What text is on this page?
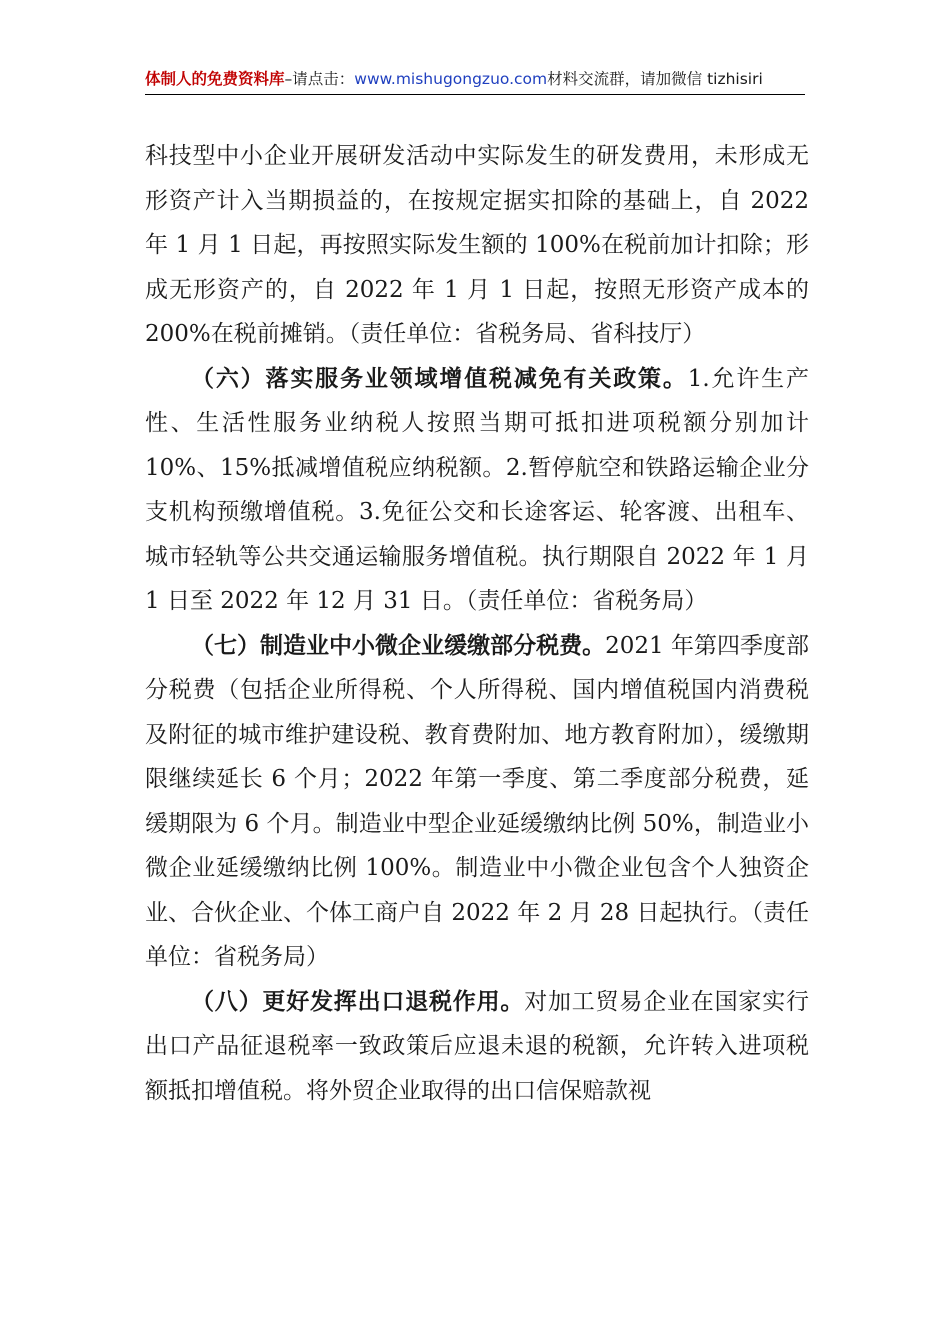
体制人的免费资料库–请点击：www.mishugongzuo.com材料交流群，请加微信 tizhisiri

科技型中小企业开展研发活动中实际发生的研发费用，未形成无形资产计入当期损益的，在按规定据实扣除的基础上，自 2022 年 1 月 1 日起，再按照实际发生额的 100%在税前加计扣除；形成无形资产的，自 2022 年 1 月 1 日起，按照无形资产成本的 200%在税前摊销。（责任单位：省税务局、省科技厅）

（六）落实服务业领域增值税减免有关政策。1.允许生产性、生活性服务业纳税人按照当期可抵扣进项税额分别加计 10%、15%抵减增值税应纳税额。2.暂停航空和铁路运输企业分支机构预缴增值税。3.免征公交和长途客运、轮客渡、出租车、城市轻轨等公共交通运输服务增值税。执行期限自 2022 年 1 月 1 日至 2022 年 12 月 31 日。（责任单位：省税务局）

（七）制造业中小微企业缓缴部分税费。2021 年第四季度部分税费（包括企业所得税、个人所得税、国内增值税国内消费税及附征的城市维护建设税、教育费附加、地方教育附加），缓缴期限继续延长 6 个月；2022 年第一季度、第二季度部分税费，延缓期限为 6 个月。制造业中型企业延缓缴纳比例 50%，制造业小微企业延缓缴纳比例 100%。制造业中小微企业包含个人独资企业、合伙企业、个体工商户自 2022 年 2 月 28 日起执行。（责任单位：省税务局）

（八）更好发挥出口退税作用。对加工贸易企业在国家实行出口产品征退税率一致政策后应退未退的税额，允许转入进项税额抵扣增值税。将外贸企业取得的出口信保赔款视
